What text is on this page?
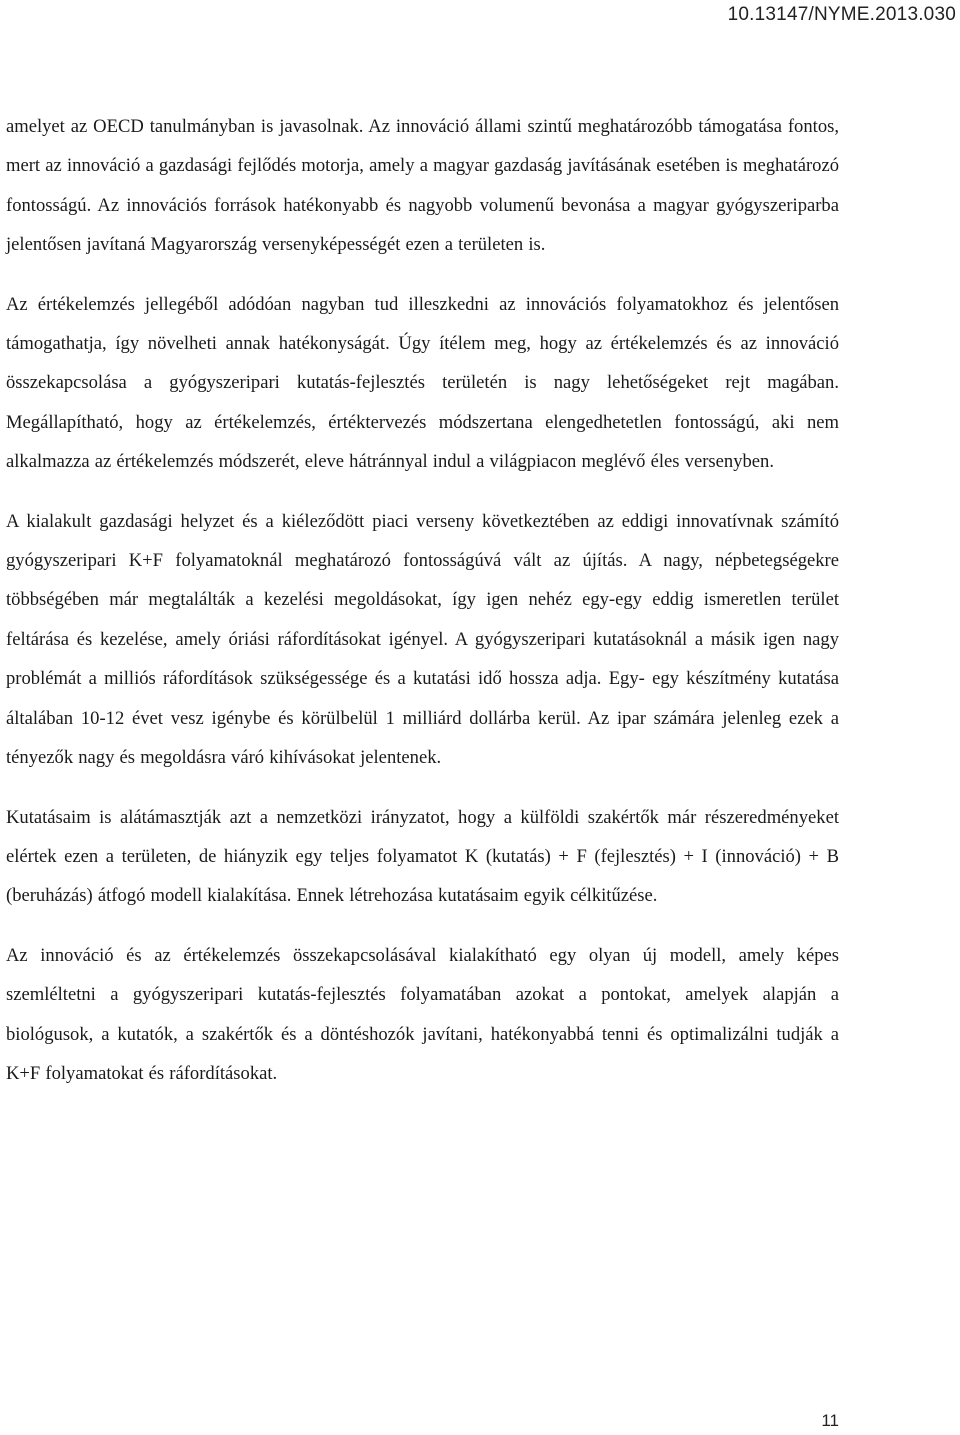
10.13147/NYME.2013.030

amelyet az OECD tanulmányban is javasolnak. Az innováció állami szintű meghatározóbb támogatása fontos, mert az innováció a gazdasági fejlődés motorja, amely a magyar gazdaság javításának esetében is meghatározó fontosságú. Az innovációs források hatékonyabb és nagyobb volumenű bevonása a magyar gyógyszeriparba jelentősen javítaná Magyarország versenyképességét ezen a területen is.

Az értékelemzés jellegéből adódóan nagyban tud illeszkedni az innovációs folyamatokhoz és jelentősen támogathatja, így növelheti annak hatékonyságát. Úgy ítélem meg, hogy az értékelemzés és az innováció összekapcsolása a gyógyszeripari kutatás-fejlesztés területén is nagy lehetőségeket rejt magában. Megállapítható, hogy az értékelemzés, értéktervezés módszertana elengedhetetlen fontosságú, aki nem alkalmazza az értékelemzés módszerét, eleve hátránnyal indul a világpiacon meglévő éles versenyben.

A kialakult gazdasági helyzet és a kiéleződött piaci verseny következtében az eddigi innovatívnak számító gyógyszeripari K+F folyamatoknál meghatározó fontosságúvá vált az újítás. A nagy, népbetegségekre többségében már megtalálták a kezelési megoldásokat, így igen nehéz egy-egy eddig ismeretlen terület feltárása és kezelése, amely óriási ráfordításokat igényel. A gyógyszeripari kutatásoknál a másik igen nagy problémát a milliós ráfordítások szükségessége és a kutatási idő hossza adja. Egy- egy készítmény kutatása általában 10-12 évet vesz igénybe és körülbelül 1 milliárd dollárba kerül. Az ipar számára jelenleg ezek a tényezők nagy és megoldásra váró kihívásokat jelentenek.

Kutatásaim is alátámasztják azt a nemzetközi irányzatot, hogy a külföldi szakértők már részeredményeket elértek ezen a területen, de hiányzik egy teljes folyamatot K (kutatás) + F (fejlesztés) + I (innováció) + B (beruházás) átfogó modell kialakítása. Ennek létrehozása kutatásaim egyik célkitűzése.

Az innováció és az értékelemzés összekapcsolásával kialakítható egy olyan új modell, amely képes szemléltetni a gyógyszeripari kutatás-fejlesztés folyamatában azokat a pontokat, amelyek alapján a biológusok, a kutatók, a szakértők és a döntéshozók javítani, hatékonyabbá tenni és optimalizálni tudják a K+F folyamatokat és ráfordításokat.

11
